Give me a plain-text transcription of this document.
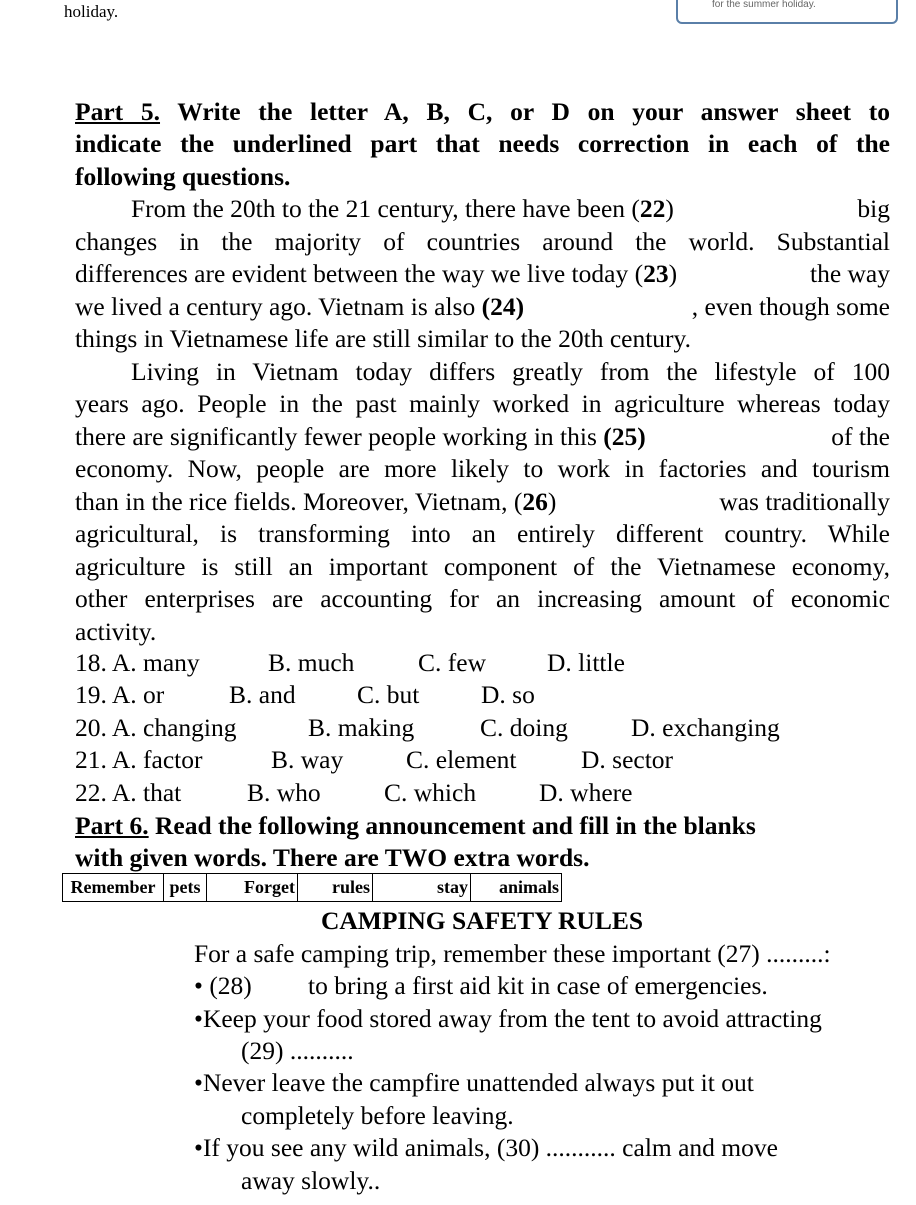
holiday.	for the summer holiday.
Part 5. Write the letter A, B, C, or D on your answer sheet to
indicate the underlined part that needs correction in each of the
following questions.
From the 20th to the 21 century, there have been (22)	big
changes in the majority of countries around the world. Substantial
differences are evident between the way we live today (23)	the way
we lived a century ago. Vietnam is also (24)	, even though some
things in Vietnamese life are still similar to the 20th century.
Living in Vietnam today differs greatly from the lifestyle of 100
years ago. People in the past mainly worked in agriculture whereas today
there are significantly fewer people working in this (25)	of the
economy. Now, people are more likely to work in factories and tourism
than in the rice fields. Moreover, Vietnam, (26)	was traditionally
agricultural, is transforming into an entirely different country. While
agriculture is still an important component of the Vietnamese economy,
other enterprises are accounting for an increasing amount of economic
activity.
18. A. many	B. much C. few D. little
19. A. or	B. and C. but D. so
20. A. changing	B. making	C. doing D. exchanging
21. A. factor	B. way C. element	D. sector
22. A. that	B. who C. which D. where
Part 6. Read the following announcement and fill in the blanks
with given words. There are TWO extra words.
Remember	pets	Forget	rules	stay	animals
CAMPING SAFETY RULES
For a safe camping trip, remember these important (27) .........:
• (28) to bring a first aid kit in case of emergencies.
•Keep your food stored away from the tent to avoid attracting
(29) ..........
•Never leave the campfire unattended always put it out
completely before leaving.
•If you see any wild animals, (30) ........... calm and move
away slowly..
